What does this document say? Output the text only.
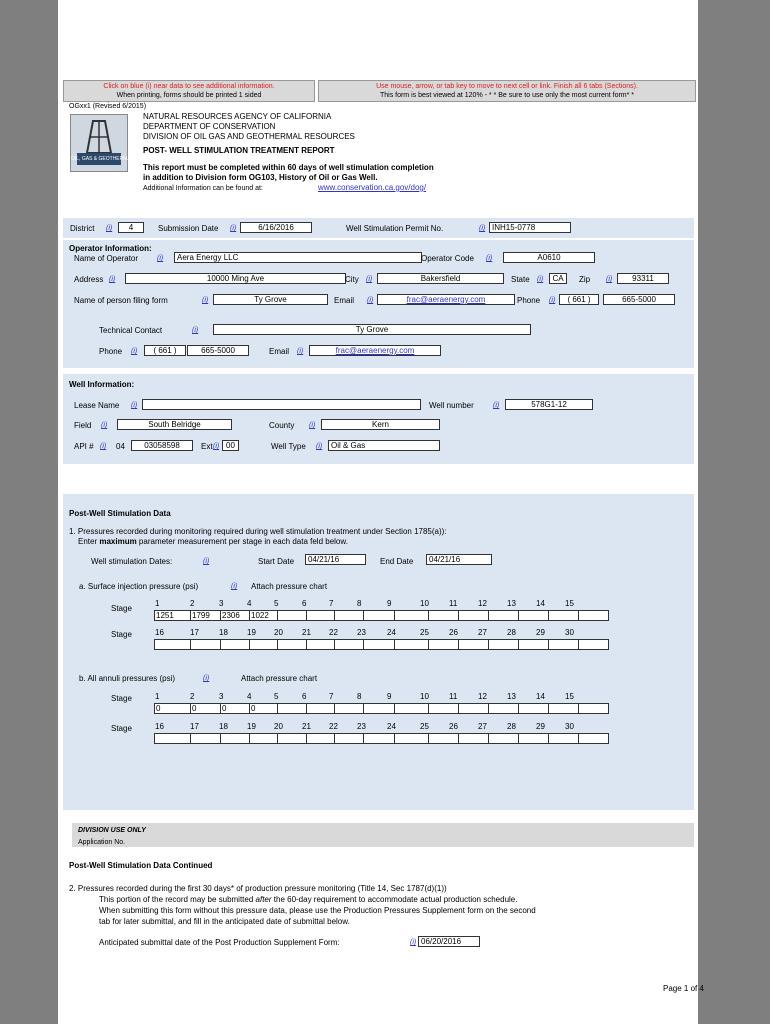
Click on blue (i) near data to see additional information.
When printing, forms should be printed 1 sided
Use mouse, arrow, or tab key to move to next cell or link. Finish all 6 tabs (Sections).
This form is best viewed at 120% - * * Be sure to use only the most current form* *
OGxx1 (Revised 6/2015)
OIL, GAS & GEOTHERMAL
NATURAL RESOURCES AGENCY OF CALIFORNIA
DEPARTMENT OF CONSERVATION
DIVISION OF OIL GAS AND GEOTHERMAL RESOURCES
POST- WELL STIMULATION TREATMENT REPORT
This report must be completed within 60 days of well stimulation completion
in addition to Division form OG103, History of Oil or Gas Well.
Additional Information can be found at:	www.conservation.ca.gov/dog/
District (i)	4	Submission Date (i)	6/16/2016	Well Stimulation Permit No.	(i) INH15-0778
Operator Information:
Name of Operator	(i)	Aera Energy LLC	Operator Code (i)	A0610
Address (i)	10000 Ming Ave	City (i)	Bakersfield	State (i)	CA	Zip (i)	93311
Name of person filing form	(i)	Ty Grove	Email (i)	frac@aeraenergy.com	Phone (i)	( 661 )	665-5000
Technical Contact	(i)	Ty Grove
Phone (i)	( 661 )	665-5000	Email (i)	frac@aeraenergy.com
Well Information:
Lease Name (i)	Well number	(i)	578G1-12
Field (i)	South Belridge	County (i)	Kern
API # (i) 04	03058598	Ext (i) 00	Well Type (i)	Oil & Gas
Post-Well Stimulation Data
1. Pressures recorded during monitoring required during well stimulation treatment under Section 1785(a)):
Enter maximum parameter measurement per stage in each data feld below.
Well stimulation Dates:	(i)	Start Date	04/21/16	End Date	04/21/16
a. Surface injection pressure (psi)	(i) Attach pressure chart
Stage
1	2	3	4	5	6	7	8	9	10	11	12	13	14	15
1251	1799	2306	1022
Stage	16	17	18	19	20	21	22	23	24	25	26	27	28	29	30
b. All annuli pressures (psi)	(i)	Attach pressure chart
Stage	1	2	3	4	5	6	7	8	9	10	11	12	13	14	15
0	0	0	0
Stage	16	17	18	19	20	21	22	23	24	25	26	27	28	29	30
DIVISION USE ONLY
Application No.
Post-Well Stimulation Data Continued
2. Pressures recorded during the first 30 days* of production pressure monitoring (Title 14, Sec 1787(d)(1))
This portion of the record may be submitted after the 60-day requirement to accommodate actual production schedule.
When submitting this form without this pressure data, please use the Production Pressures Supplement form on the second
tab for later submittal, and fill in the anticipated date of submittal below.
Anticipated submittal date of the Post Production Supplement Form:	(i) 06/20/2016
Page 1 of 4
